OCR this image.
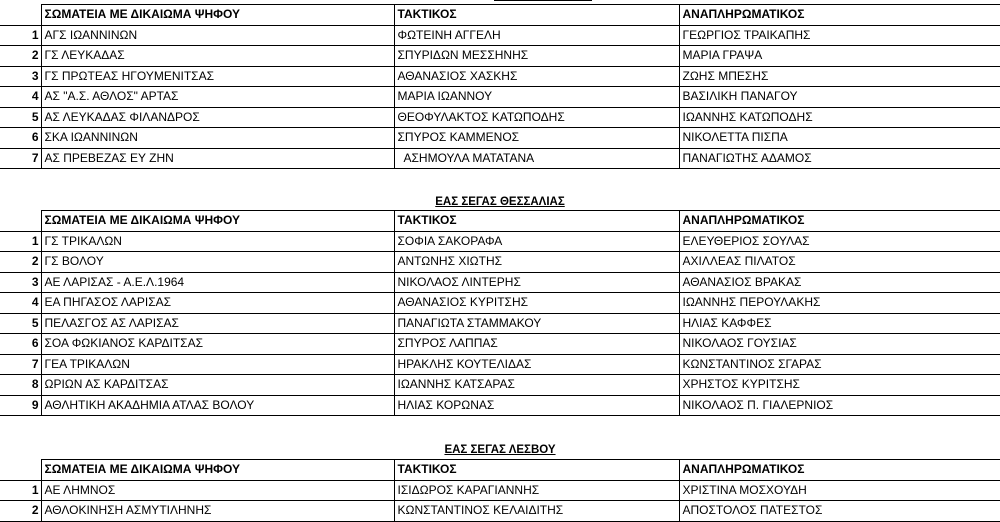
	ΣΩΜΑΤΕΙΑ ΜΕ ΔΙΚΑΙΩΜΑ ΨΗΦΟΥ	ΤΑΚΤΙΚΟΣ	ΑΝΑΠΛΗΡΩΜΑΤΙΚΟΣ
1	ΑΓΣ ΙΩΑΝΝΙΝΩΝ	ΦΩΤΕΙΝΗ ΑΓΓΕΛΗ	ΓΕΩΡΓΙΟΣ ΤΡΑΙΚΑΠΗΣ
2	ΓΣ ΛΕΥΚΑΔΑΣ	ΣΠΥΡΙΔΩΝ ΜΕΣΣΗΝΗΣ	ΜΑΡΙΑ ΓΡΑΨΑ
3	ΓΣ ΠΡΩΤΕΑΣ ΗΓΟΥΜΕΝΙΤΣΑΣ	ΑΘΑΝΑΣΙΟΣ ΧΑΣΚΗΣ	ΖΩΗΣ ΜΠΕΣΗΣ
4	ΑΣ "Α.Σ. ΑΘΛΟΣ" ΑΡΤΑΣ	ΜΑΡΙΑ ΙΩΑΝΝΟΥ	ΒΑΣΙΛΙΚΗ ΠΑΝΑΓΟΥ
5	ΑΣ ΛΕΥΚΑΔΑΣ ΦΙΛΑΝΔΡΟΣ	ΘΕΟΦΥΛΑΚΤΟΣ ΚΑΤΩΠΟΔΗΣ	ΙΩΑΝΝΗΣ ΚΑΤΩΠΟΔΗΣ
6	ΣΚΑ ΙΩΑΝΝΙΝΩΝ	ΣΠΥΡΟΣ ΚΑΜΜΕΝΟΣ	ΝΙΚΟΛΕΤΤΑ ΠΙΣΠΑ
7	ΑΣ ΠΡΕΒΕΖΑΣ ΕΥ ΖΗΝ	ΑΣΗΜΟΥΛΑ ΜΑΤΑΤΑΝΑ	ΠΑΝΑΓΙΩΤΗΣ ΑΔΑΜΟΣ
ΕΑΣ ΣΕΓΑΣ ΘΕΣΣΑΛΙΑΣ
	ΣΩΜΑΤΕΙΑ ΜΕ ΔΙΚΑΙΩΜΑ ΨΗΦΟΥ	ΤΑΚΤΙΚΟΣ	ΑΝΑΠΛΗΡΩΜΑΤΙΚΟΣ
1	ΓΣ ΤΡΙΚΑΛΩΝ	ΣΟΦΙΑ ΣΑΚΟΡΑΦΑ	ΕΛΕΥΘΕΡΙΟΣ ΣΟΥΛΑΣ
2	ΓΣ ΒΟΛΟΥ	ΑΝΤΩΝΗΣ ΧΙΩΤΗΣ	ΑΧΙΛΛΕΑΣ ΠΙΛΑΤΟΣ
3	ΑΕ ΛΑΡΙΣΑΣ - Α.Ε.Λ.1964	ΝΙΚΟΛΑΟΣ ΛΙΝΤΕΡΗΣ	ΑΘΑΝΑΣΙΟΣ ΒΡΑΚΑΣ
4	ΕΑ ΠΗΓΑΣΟΣ ΛΑΡΙΣΑΣ	ΑΘΑΝΑΣΙΟΣ ΚΥΡΙΤΣΗΣ	ΙΩΑΝΝΗΣ ΠΕΡΟΥΛΑΚΗΣ
5	ΠΕΛΑΣΓΟΣ ΑΣ ΛΑΡΙΣΑΣ	ΠΑΝΑΓΙΩΤΑ ΣΤΑΜΜΑΚΟΥ	ΗΛΙΑΣ ΚΑΦΦΕΣ
6	ΣΟΑ ΦΩΚΙΑΝΟΣ ΚΑΡΔΙΤΣΑΣ	ΣΠΥΡΟΣ ΛΑΠΠΑΣ	ΝΙΚΟΛΑΟΣ ΓΟΥΣΙΑΣ
7	ΓΕΑ ΤΡΙΚΑΛΩΝ	ΗΡΑΚΛΗΣ ΚΟΥΤΕΛΙΔΑΣ	ΚΩΝΣΤΑΝΤΙΝΟΣ ΣΓΑΡΑΣ
8	ΩΡΙΩΝ ΑΣ ΚΑΡΔΙΤΣΑΣ	ΙΩΑΝΝΗΣ ΚΑΤΣΑΡΑΣ	ΧΡΗΣΤΟΣ ΚΥΡΙΤΣΗΣ
9	ΑΘΛΗΤΙΚΗ ΑΚΑΔΗΜΙΑ ΑΤΛΑΣ ΒΟΛΟΥ	ΗΛΙΑΣ ΚΟΡΩΝΑΣ	ΝΙΚΟΛΑΟΣ Π. ΓΙΑΛΕΡΝΙΟΣ
ΕΑΣ ΣΕΓΑΣ ΛΕΣΒΟΥ
	ΣΩΜΑΤΕΙΑ ΜΕ ΔΙΚΑΙΩΜΑ ΨΗΦΟΥ	ΤΑΚΤΙΚΟΣ	ΑΝΑΠΛΗΡΩΜΑΤΙΚΟΣ
1	ΑΕ ΛΗΜΝΟΣ	ΙΣΙΔΩΡΟΣ ΚΑΡΑΓΙΑΝΝΗΣ	ΧΡΙΣΤΙΝΑ ΜΟΣΧΟΥΔΗ
2	ΑΘΛΟΚΙΝΗΣΗ ΑΣΜΥΤΙΛΗΝΗΣ	ΚΩΝΣΤΑΝΤΙΝΟΣ ΚΕΛΑΙΔΙΤΗΣ	ΑΠΟΣΤΟΛΟΣ ΠΑΤΕΣΤΟΣ
